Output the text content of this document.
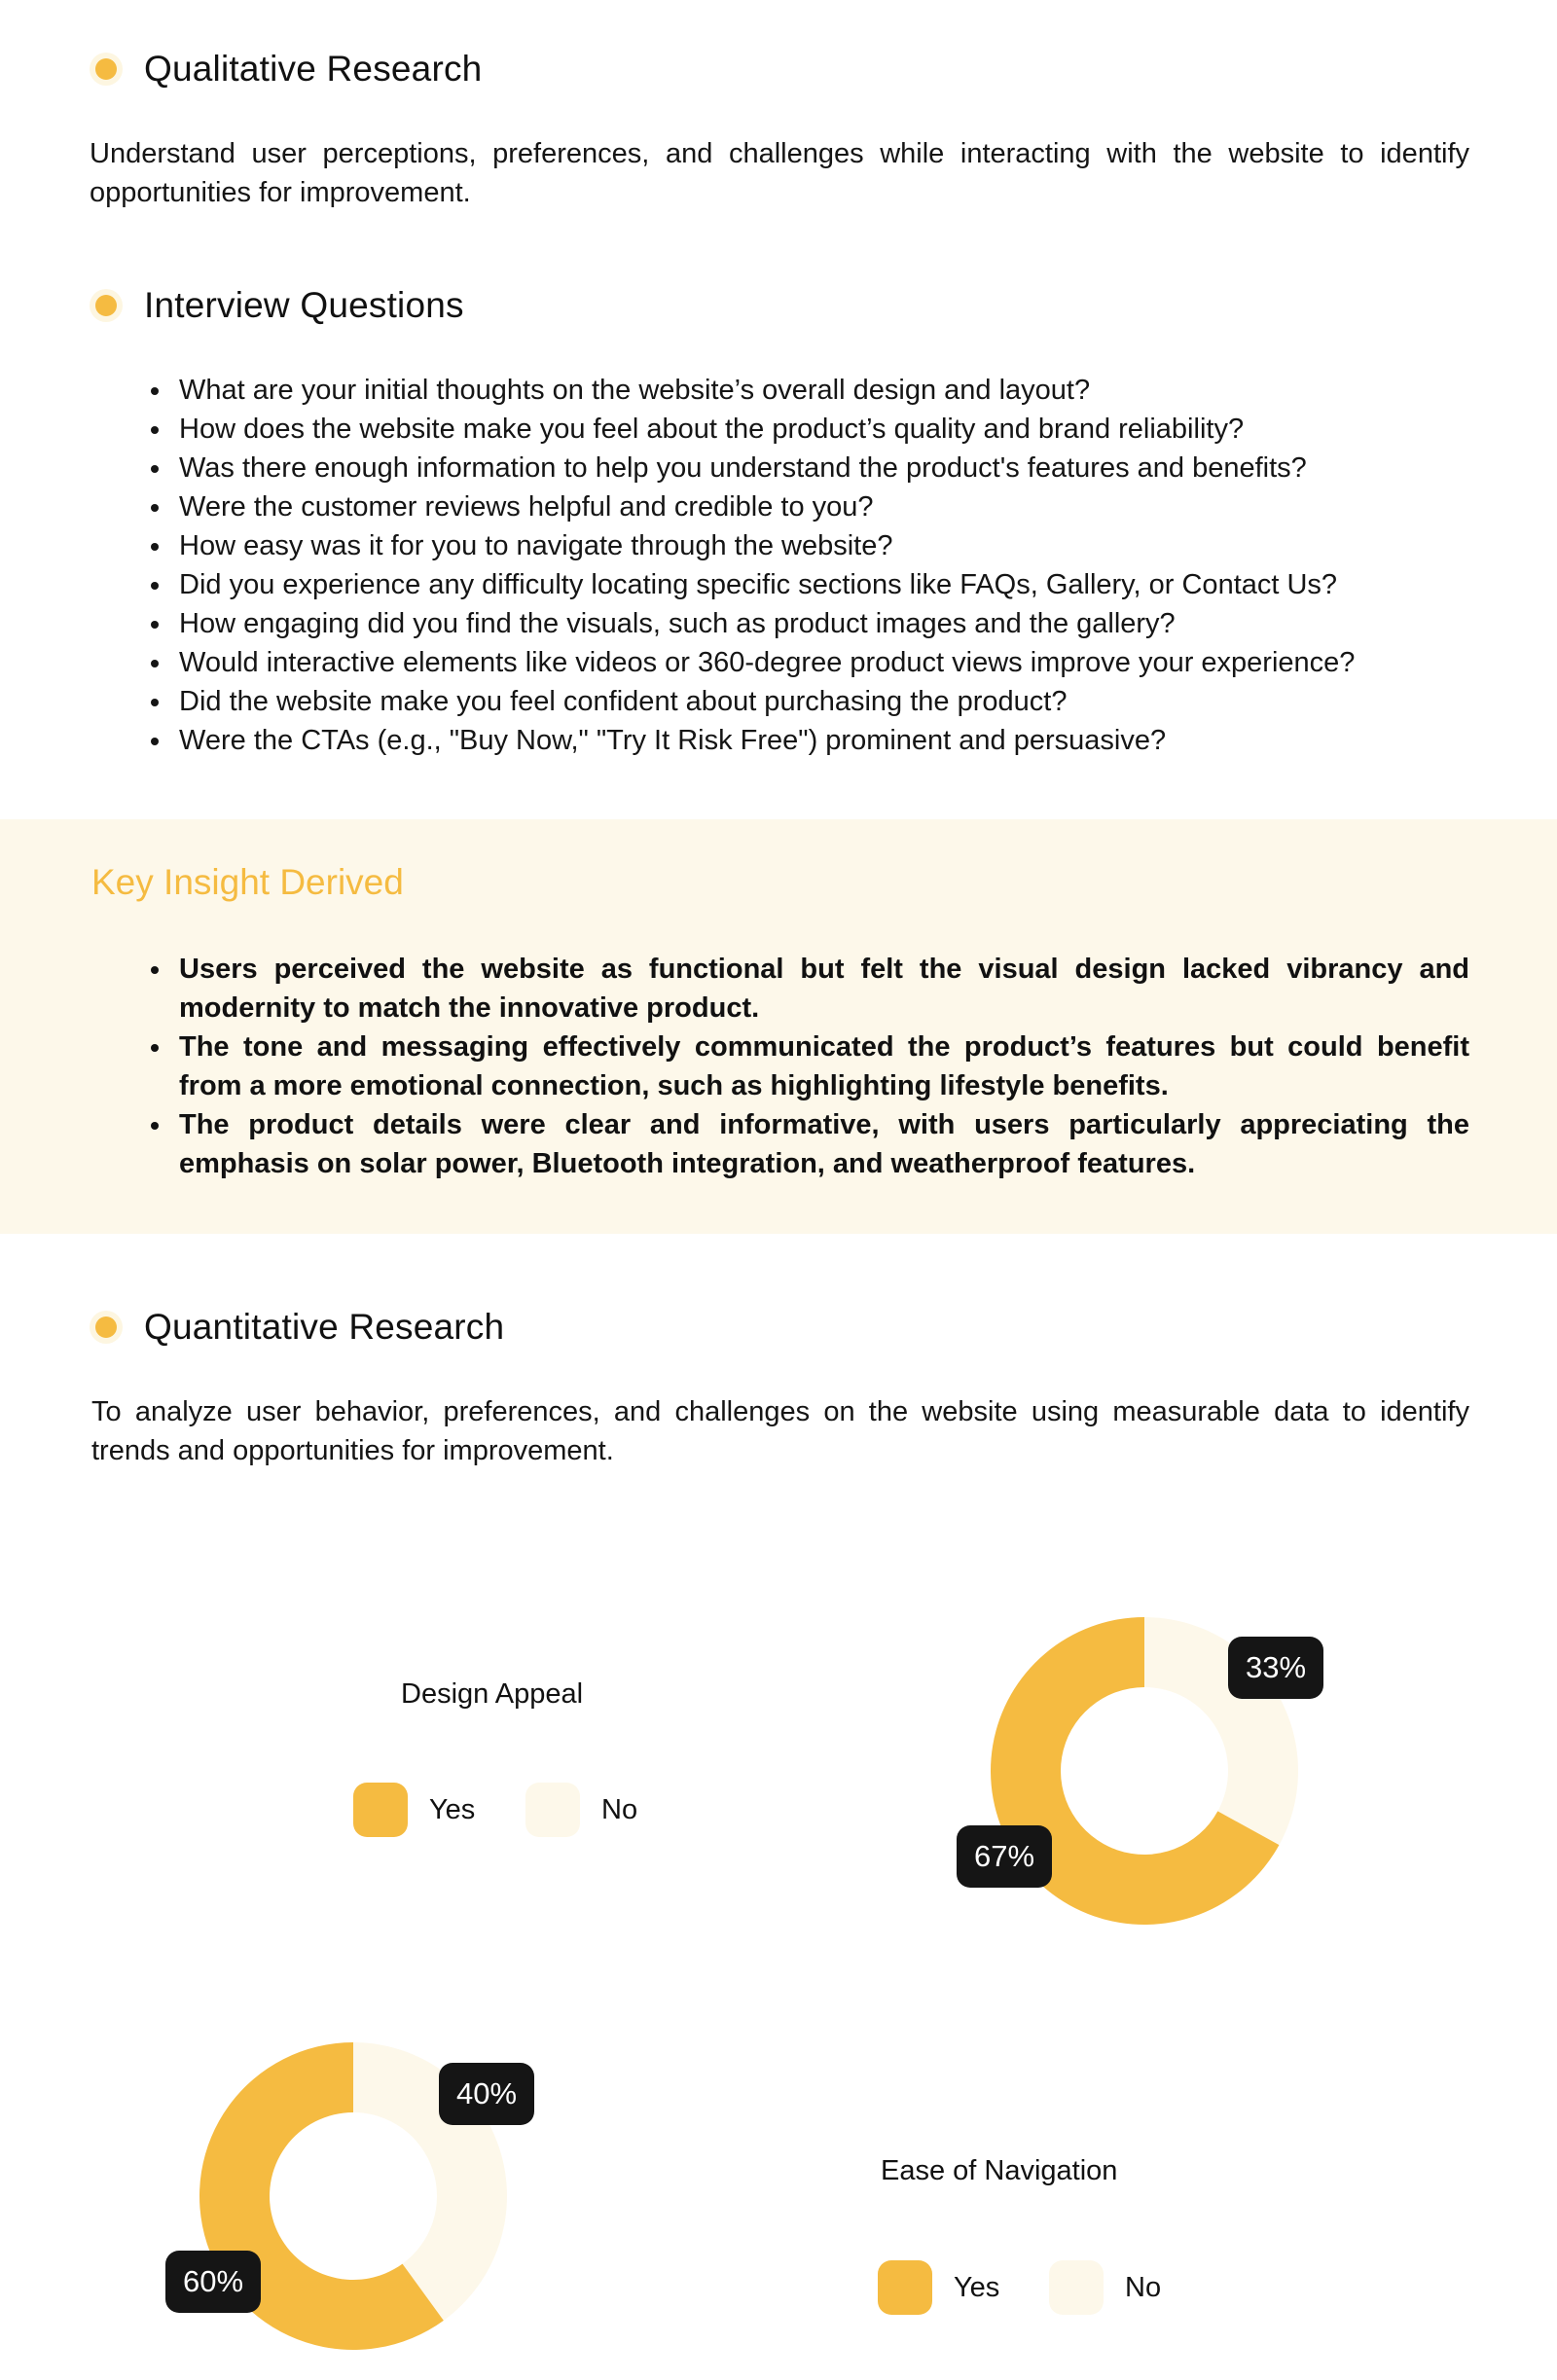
Qualitative Research
Understand user perceptions, preferences, and challenges while interacting with the website to identify opportunities for improvement.
Interview Questions
• What are your initial thoughts on the website’s overall design and layout?
• How does the website make you feel about the product’s quality and brand reliability?
• Was there enough information to help you understand the product's features and benefits?
• Were the customer reviews helpful and credible to you?
• How easy was it for you to navigate through the website?
• Did you experience any difficulty locating specific sections like FAQs, Gallery, or Contact Us?
• How engaging did you find the visuals, such as product images and the gallery?
• Would interactive elements like videos or 360-degree product views improve your experience?
• Did the website make you feel confident about purchasing the product?
• Were the CTAs (e.g., "Buy Now," "Try It Risk Free") prominent and persuasive?
Key Insight Derived
• Users perceived the website as functional but felt the visual design lacked vibrancy and modernity to match the innovative product.
• The tone and messaging effectively communicated the product’s features but could benefit from a more emotional connection, such as highlighting lifestyle benefits.
• The product details were clear and informative, with users particularly appreciating the emphasis on solar power, Bluetooth integration, and weatherproof features.
Quantitative Research
To analyze user behavior, preferences, and challenges on the website using measurable data to identify trends and opportunities for improvement.
Design Appeal
Yes	No
33%
67%
40%
60%
Ease of Navigation
Yes	No
